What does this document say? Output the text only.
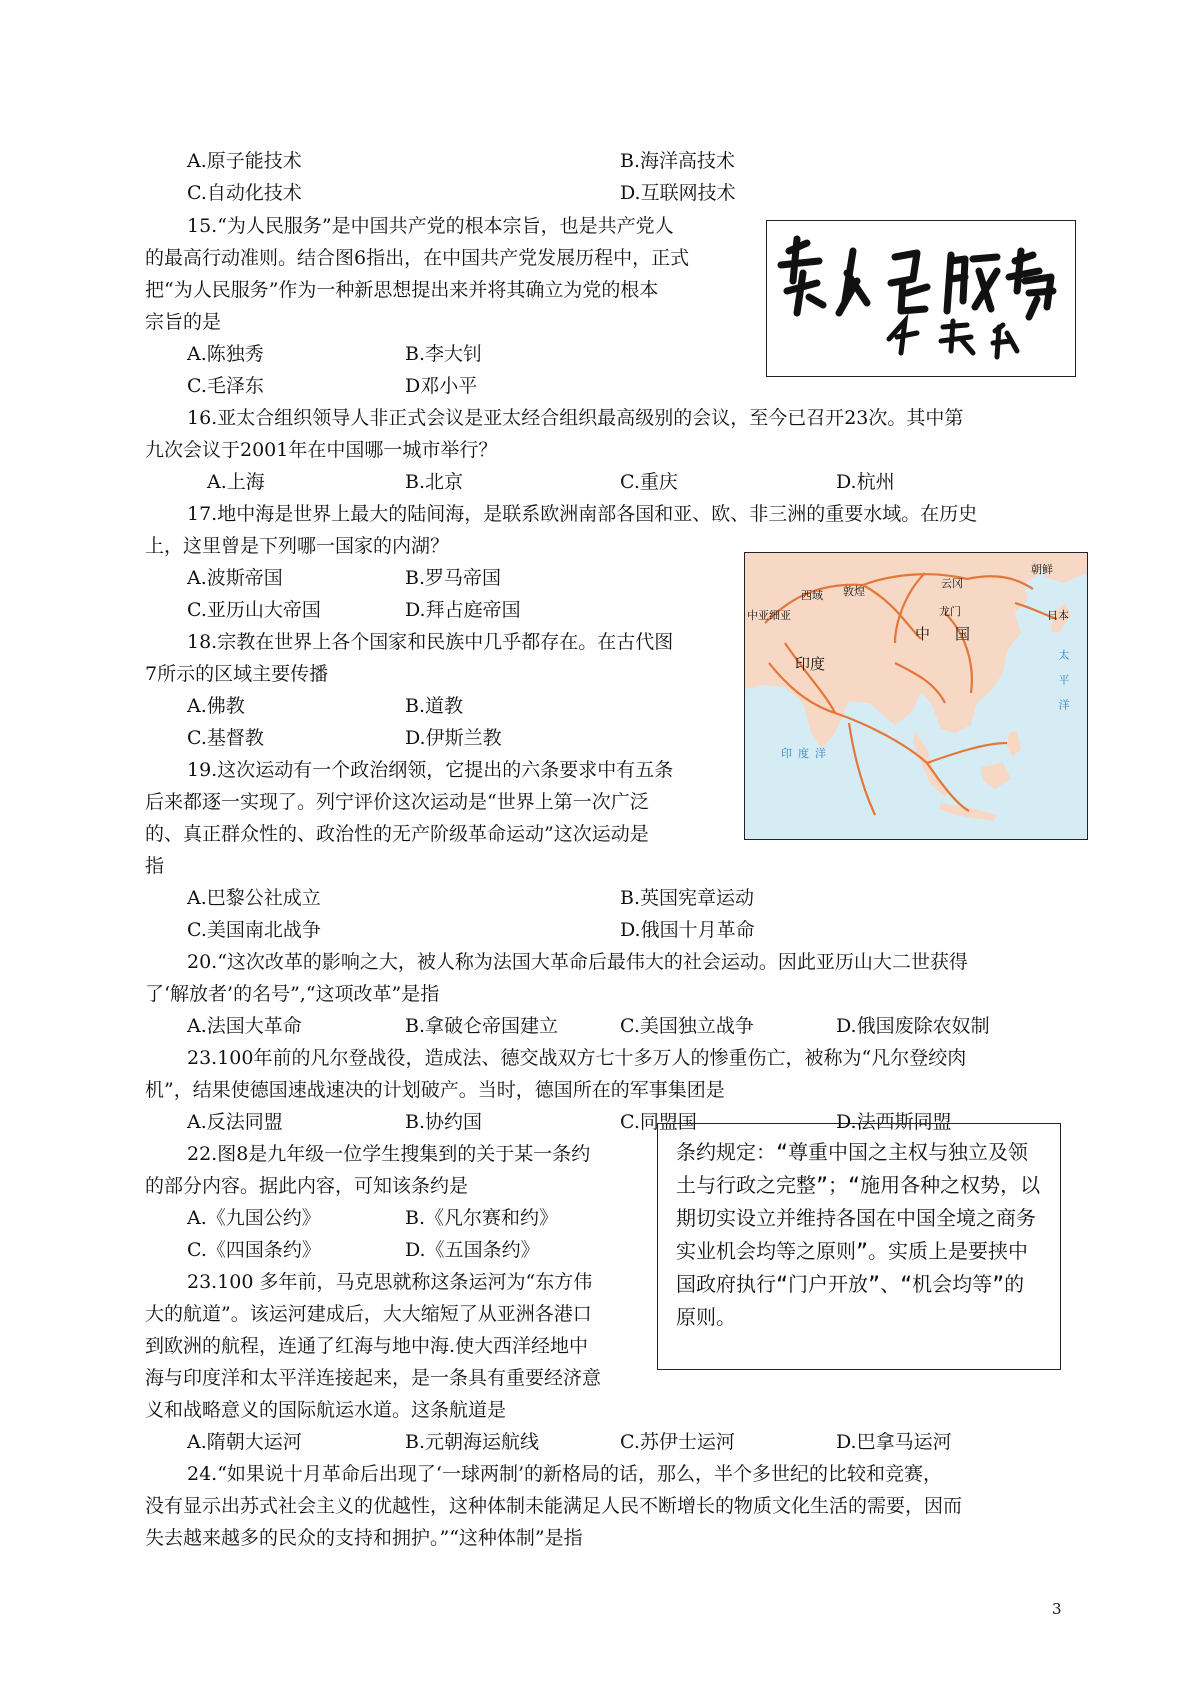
A.原子能技术	B.海洋高技术
C.自动化技术	D.互联网技术
15.“为人民服务”是中国共产党的根本宗旨，也是共产党人
的最高行动准则。结合图6指出，在中国共产党发展历程中，正式
把“为人民服务”作为一种新思想提出来并将其确立为党的根本
宗旨的是
A.陈独秀	B.李大钊
C.毛泽东	D邓小平
16.亚太合组织领导人非正式会议是亚太经合组织最高级别的会议，至今已召开23次。其中第
九次会议于2001年在中国哪一城市举行？
A.上海	B.北京	C.重庆	D.杭州
17.地中海是世界上最大的陆间海，是联系欧洲南部各国和亚、欧、非三洲的重要水域。在历史
上，这里曾是下列哪一国家的内湖？
A.波斯帝国	B.罗马帝国
C.亚历山大帝国	D.拜占庭帝国
西域 敦煌
云冈
朝鲜
日本
中亚细亚	龙门
中 国
印度	太平洋
印度洋
18.宗教在世界上各个国家和民族中几乎都存在。在古代图
7所示的区域主要传播
A.佛教	B.道教
C.基督教	D.伊斯兰教
19.这次运动有一个政治纲领，它提出的六条要求中有五条
后来都逐一实现了。列宁评价这次运动是“世界上第一次广泛
的、真正群众性的、政治性的无产阶级革命运动”这次运动是
指
A.巴黎公社成立	B.英国宪章运动
C.美国南北战争	D.俄国十月革命
20.“这次改革的影响之大，被人称为法国大革命后最伟大的社会运动。因此亚历山大二世获得
了‘解放者’的名号”,“这项改革”是指
A.法国大革命	B.拿破仑帝国建立	C.美国独立战争	D.俄国废除农奴制
23.100年前的凡尔登战役，造成法、德交战双方七十多万人的惨重伤亡，被称为“凡尔登绞肉
机”，结果使德国速战速决的计划破产。当时，德国所在的军事集团是
A.反法同盟	B.协约国	C.同盟国	D.法西斯同盟
22.图8是九年级一位学生搜集到的关于某一条约
的部分内容。据此内容，可知该条约是
A.《九国公约》	B.《凡尔赛和约》
C.《四国条约》	D.《五国条约》
条约规定：“尊重中国之主权与独立及领土与行政之完整”；“施用各种之权势，以期切实设立并维持各国在中国全境之商务实业机会均等之原则”。实质上是要挟中国政府执行“门户开放”、“机会均等”的原则。
23.100 多年前，马克思就称这条运河为“东方伟
大的航道”。该运河建成后，大大缩短了从亚洲各港口
到欧洲的航程，连通了红海与地中海.使大西洋经地中
海与印度洋和太平洋连接起来，是一条具有重要经济意
义和战略意义的国际航运水道。这条航道是
A.隋朝大运河	B.元朝海运航线	C.苏伊士运河	D.巴拿马运河
24.“如果说十月革命后出现了‘一球两制’的新格局的话，那么，半个多世纪的比较和竞赛，
没有显示出苏式社会主义的优越性，这种体制未能满足人民不断增长的物质文化生活的需要，因而
失去越来越多的民众的支持和拥护。”“这种体制”是指
3
